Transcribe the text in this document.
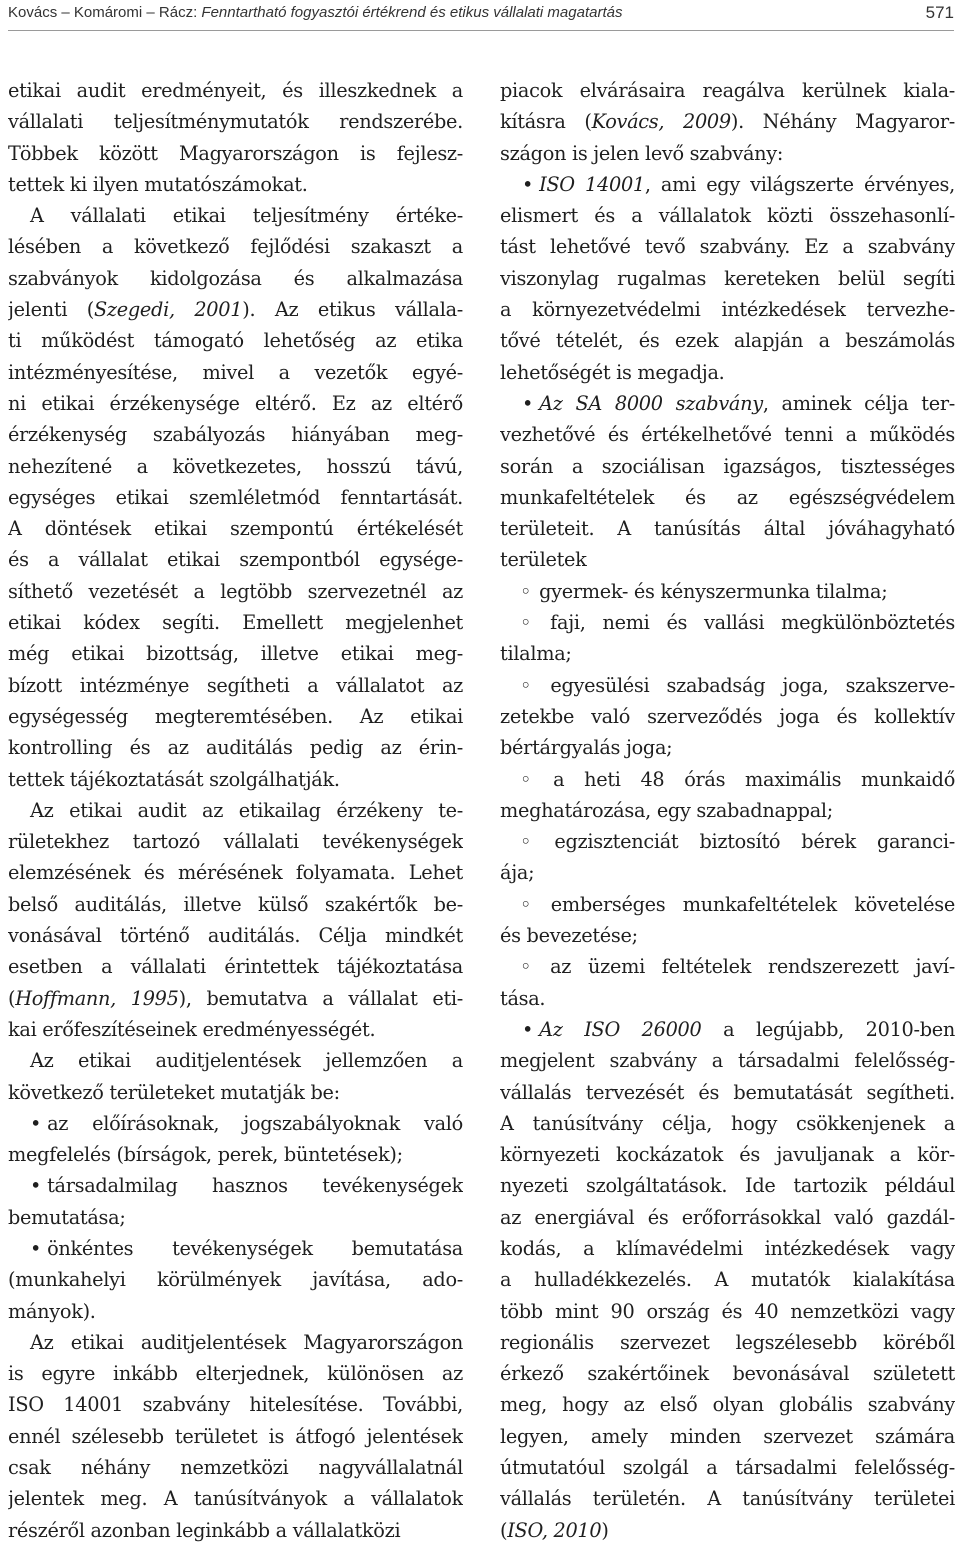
Kovács – Komáromi – Rácz: Fenntartható fogyasztói értékrend és etikus vállalati magatartás	571
etikai audit eredményeit, és illeszkednek a
vállalati teljesítménymutatók rendszerébe.
Többek között Magyarországon is fejlesz-
tettek ki ilyen mutatószámokat.
A vállalati etikai teljesítmény értéke-
lésében a következő fejlődési szakaszt a
szabványok kidolgozása és alkalmazása
jelenti (Szegedi, 2001). Az etikus vállala-
ti működést támogató lehetőség az etika
intézményesítése, mivel a vezetők egyé-
ni etikai érzékenysége eltérő. Ez az eltérő
érzékenység szabályozás hiányában meg-
nehezítené a következetes, hosszú távú,
egységes etikai szemléletmód fenntartását.
A döntések etikai szempontú értékelését
és a vállalat etikai szempontból egysége-
síthető vezetését a legtöbb szervezetnél az
etikai kódex segíti. Emellett megjelenhet
még etikai bizottság, illetve etikai meg-
bízott intézménye segítheti a vállalatot az
egységesség megteremtésében. Az etikai
kontrolling és az auditálás pedig az érin-
tettek tájékoztatását szolgálhatják.
Az etikai audit az etikailag érzékeny te-
rületekhez tartozó vállalati tevékenységek
elemzésének és mérésének folyamata. Lehet
belső auditálás, illetve külső szakértők be-
vonásával történő auditálás. Célja mindkét
esetben a vállalati érintettek tájékoztatása
(Hoffmann, 1995), bemutatva a vállalat eti-
kai erőfeszítéseinek eredményességét.
Az etikai auditjelentések jellemzően a
következő területeket mutatják be:
• az előírásoknak, jogszabályoknak való
megfelelés (bírságok, perek, büntetések);
• társadalmilag hasznos tevékenységek
bemutatása;
• önkéntes tevékenységek bemutatása
(munkahelyi körülmények javítása, ado-
mányok).
Az etikai auditjelentések Magyarországon
is egyre inkább elterjednek, különösen az
ISO 14001 szabvány hitelesítése. További,
ennél szélesebb területet is átfogó jelentések
csak néhány nemzetközi nagyvállalatnál
jelentek meg. A tanúsítványok a vállalatok
részéről azonban leginkább a vállalatközi
piacok elvárásaira reagálva kerülnek kiala-
kításra (Kovács, 2009). Néhány Magyaror-
szágon is jelen levő szabvány:
• ISO 14001, ami egy világszerte érvényes,
elismert és a vállalatok közti összehasonlí-
tást lehetővé tevő szabvány. Ez a szabvány
viszonylag rugalmas kereteken belül segíti
a környezetvédelmi intézkedések tervezhe-
tővé tételét, és ezek alapján a beszámolás
lehetőségét is megadja.
• Az SA 8000 szabvány, aminek célja ter-
vezhetővé és értékelhetővé tenni a működés
során a szociálisan igazságos, tisztességes
munkafeltételek és az egészségvédelem
területeit. A tanúsítás által jóváhagyható
területek
◦ gyermek- és kényszermunka tilalma;
◦ faji, nemi és vallási megkülönböztetés
tilalma;
◦ egyesülési szabadság joga, szakszerve-
zetekbe való szerveződés joga és kollektív
bértárgyalás joga;
◦ a heti 48 órás maximális munkaidő
meghatározása, egy szabadnappal;
◦ egzisztenciát biztosító bérek garanci-
ája;
◦ emberséges munkafeltételek követelése
és bevezetése;
◦ az üzemi feltételek rendszerezett javí-
tása.
• Az ISO 26000 a legújabb, 2010-ben
megjelent szabvány a társadalmi felelősség-
vállalás tervezését és bemutatását segítheti.
A tanúsítvány célja, hogy csökkenjenek a
környezeti kockázatok és javuljanak a kör-
nyezeti szolgáltatások. Ide tartozik például
az energiával és erőforrásokkal való gazdál-
kodás, a klímavédelmi intézkedések vagy
a hulladékkezelés. A mutatók kialakítása
több mint 90 ország és 40 nemzetközi vagy
regionális szervezet legszélesebb köréből
érkező szakértőinek bevonásával született
meg, hogy az első olyan globális szabvány
legyen, amely minden szervezet számára
útmutatóul szolgál a társadalmi felelősség-
vállalás területén. A tanúsítvány területei
(ISO, 2010)
